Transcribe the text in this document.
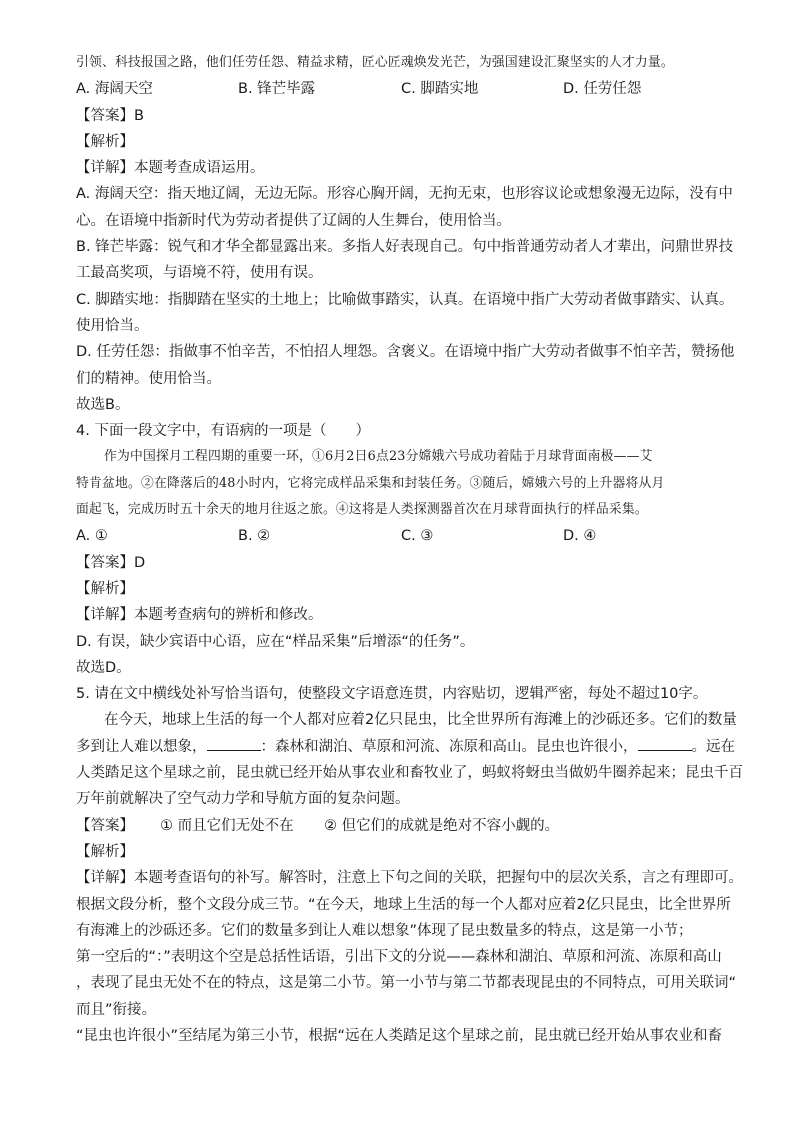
引领、科技报国之路，他们任劳任怨、精益求精，匠心匠魂焕发光芒，为强国建设汇聚坚实的人才力量。
A. 海阔天空	B. 锋芒毕露	C. 脚踏实地	D. 任劳任怨
【答案】B
【解析】
【详解】本题考查成语运用。
A. 海阔天空：指天地辽阔，无边无际。形容心胸开阔，无拘无束，也形容议论或想象漫无边际，没有中
心。在语境中指新时代为劳动者提供了辽阔的人生舞台，使用恰当。
B. 锋芒毕露：锐气和才华全都显露出来。多指人好表现自己。句中指普通劳动者人才辈出，问鼎世界技
工最高奖项，与语境不符，使用有误。
C. 脚踏实地：指脚踏在坚实的土地上；比喻做事踏实，认真。在语境中指广大劳动者做事踏实、认真。
使用恰当。
D. 任劳任怨：指做事不怕辛苦，不怕招人埋怨。含褒义。在语境中指广大劳动者做事不怕辛苦，赞扬他
们的精神。使用恰当。
故选B。
4. 下面一段文字中，有语病的一项是（　　）
作为中国探月工程四期的重要一环，①6月2日6点23分嫦娥六号成功着陆于月球背面南极——艾
特肯盆地。②在降落后的48小时内，它将完成样品采集和封装任务。③随后，嫦娥六号的上升器将从月
面起飞，完成历时五十余天的地月往返之旅。④这将是人类探测器首次在月球背面执行的样品采集。
A. ①	B. ②	C. ③	D. ④
【答案】D
【解析】
【详解】本题考查病句的辨析和修改。
D. 有误，缺少宾语中心语，应在“样品采集”后增添“的任务”。
故选D。
5. 请在文中横线处补写恰当语句，使整段文字语意连贯，内容贴切，逻辑严密，每处不超过10字。
在今天，地球上生活的每一个人都对应着2亿只昆虫，比全世界所有海滩上的沙砾还多。它们的数量
多到让人难以想象，	：森林和湖泊、草原和河流、冻原和高山。昆虫也许很小，	。远在
人类踏足这个星球之前，昆虫就已经开始从事农业和畜牧业了，蚂蚁将蚜虫当做奶牛圈养起来；昆虫千百
万年前就解决了空气动力学和导航方面的复杂问题。
【答案】 ① 而且它们无处不在 ② 但它们的成就是绝对不容小觑的。
【解析】
【详解】本题考查语句的补写。解答时，注意上下句之间的关联，把握句中的层次关系，言之有理即可。
根据文段分析，整个文段分成三节。“在今天，地球上生活的每一个人都对应着2亿只昆虫，比全世界所
有海滩上的沙砾还多。它们的数量多到让人难以想象”体现了昆虫数量多的特点，这是第一小节；
第一空后的“：”表明这个空是总括性话语，引出下文的分说——森林和湖泊、草原和河流、冻原和高山
，表现了昆虫无处不在的特点，这是第二小节。第一小节与第二节都表现昆虫的不同特点，可用关联词“
而且”衔接。
“昆虫也许很小”至结尾为第三小节，根据“远在人类踏足这个星球之前，昆虫就已经开始从事农业和畜
